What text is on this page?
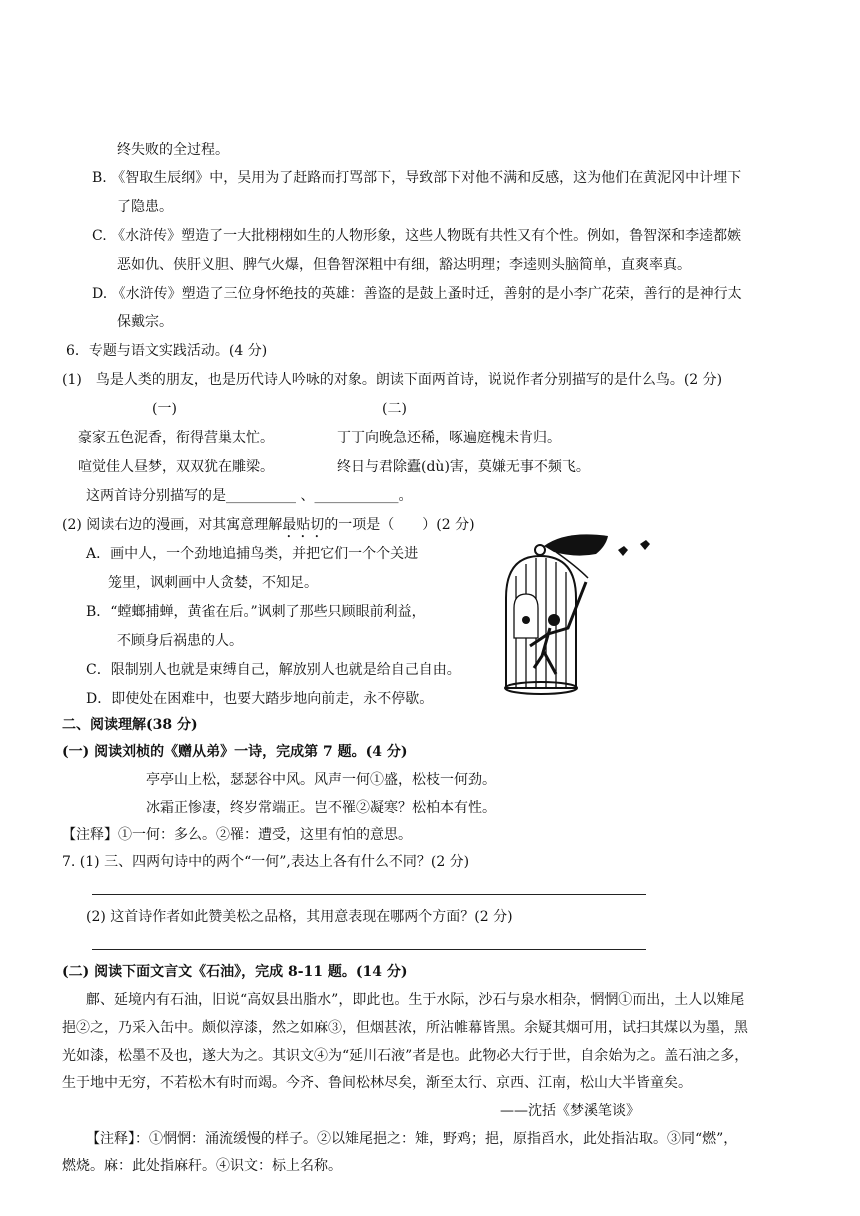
终失败的全过程。
B. 《智取生辰纲》中，吴用为了赶路而打骂部下，导致部下对他不满和反感，这为他们在黄泥冈中计埋下
了隐患。
C. 《水浒传》塑造了一大批栩栩如生的人物形象，这些人物既有共性又有个性。例如，鲁智深和李逵都嫉
恶如仇、侠肝义胆、脾气火爆，但鲁智深粗中有细，豁达明理；李逵则头脑简单，直爽率真。
D. 《水浒传》塑造了三位身怀绝技的英雄：善盗的是鼓上蚤时迁，善射的是小李广花荣，善行的是神行太
保戴宗。
6．专题与语文实践活动。(4 分)
(1)　鸟是人类的朋友，也是历代诗人吟咏的对象。朗读下面两首诗，说说作者分别描写的是什么鸟。(2 分)
(一)	(二)
豪家五色泥香，衔得营巢太忙。	丁丁向晚急还稀，啄遍庭槐未肯归。
喧觉佳人昼梦，双双犹在雕梁。	终日与君除蠹(dù)害，莫嫌无事不频飞。
这两首诗分别描写的是__________ 、____________。
(2) 阅读右边的漫画，对其寓意理解最贴切的一项是（　　）(2 分)
A．画中人，一个劲地追捕鸟类，并把它们一个个关进
笼里，讽刺画中人贪婪，不知足。
B．“螳螂捕蝉，黄雀在后。”讽刺了那些只顾眼前利益，
不顾身后祸患的人。
C．限制别人也就是束缚自己，解放别人也就是给自己自由。
D．即使处在困难中，也要大踏步地向前走，永不停歇。
二、阅读理解(38 分)
(一) 阅读刘桢的《赠从弟》一诗，完成第 7 题。(4 分)
亭亭山上松，瑟瑟谷中风。风声一何①盛，松枝一何劲。
冰霜正惨凄，终岁常端正。岂不罹②凝寒？松柏本有性。
【注释】①一何：多么。②罹：遭受，这里有怕的意思。
7. (1) 三、四两句诗中的两个“一何”,表达上各有什么不同？(2 分)
(2) 这首诗作者如此赞美松之品格，其用意表现在哪两个方面？(2 分)
(二) 阅读下面文言文《石油》，完成 8-11 题。(14 分)
鄜、延境内有石油，旧说“高奴县出脂水”，即此也。生于水际，沙石与泉水相杂，惘惘①而出，土人以雉尾
挹②之，乃采入缶中。颇似淳漆，然之如麻③，但烟甚浓，所沾帷幕皆黑。余疑其烟可用，试扫其煤以为墨，黑
光如漆，松墨不及也，遂大为之。其识文④为“延川石液”者是也。此物必大行于世，自余始为之。盖石油之多，
生于地中无穷，不若松木有时而竭。今齐、鲁间松林尽矣，渐至太行、京西、江南，松山大半皆童矣。
——沈括《梦溪笔谈》
【注释】：①惘惘：涌流缓慢的样子。②以雉尾挹之：雉，野鸡；挹，原指舀水，此处指沾取。③同“燃”，
燃烧。麻：此处指麻秆。④识文：标上名称。
